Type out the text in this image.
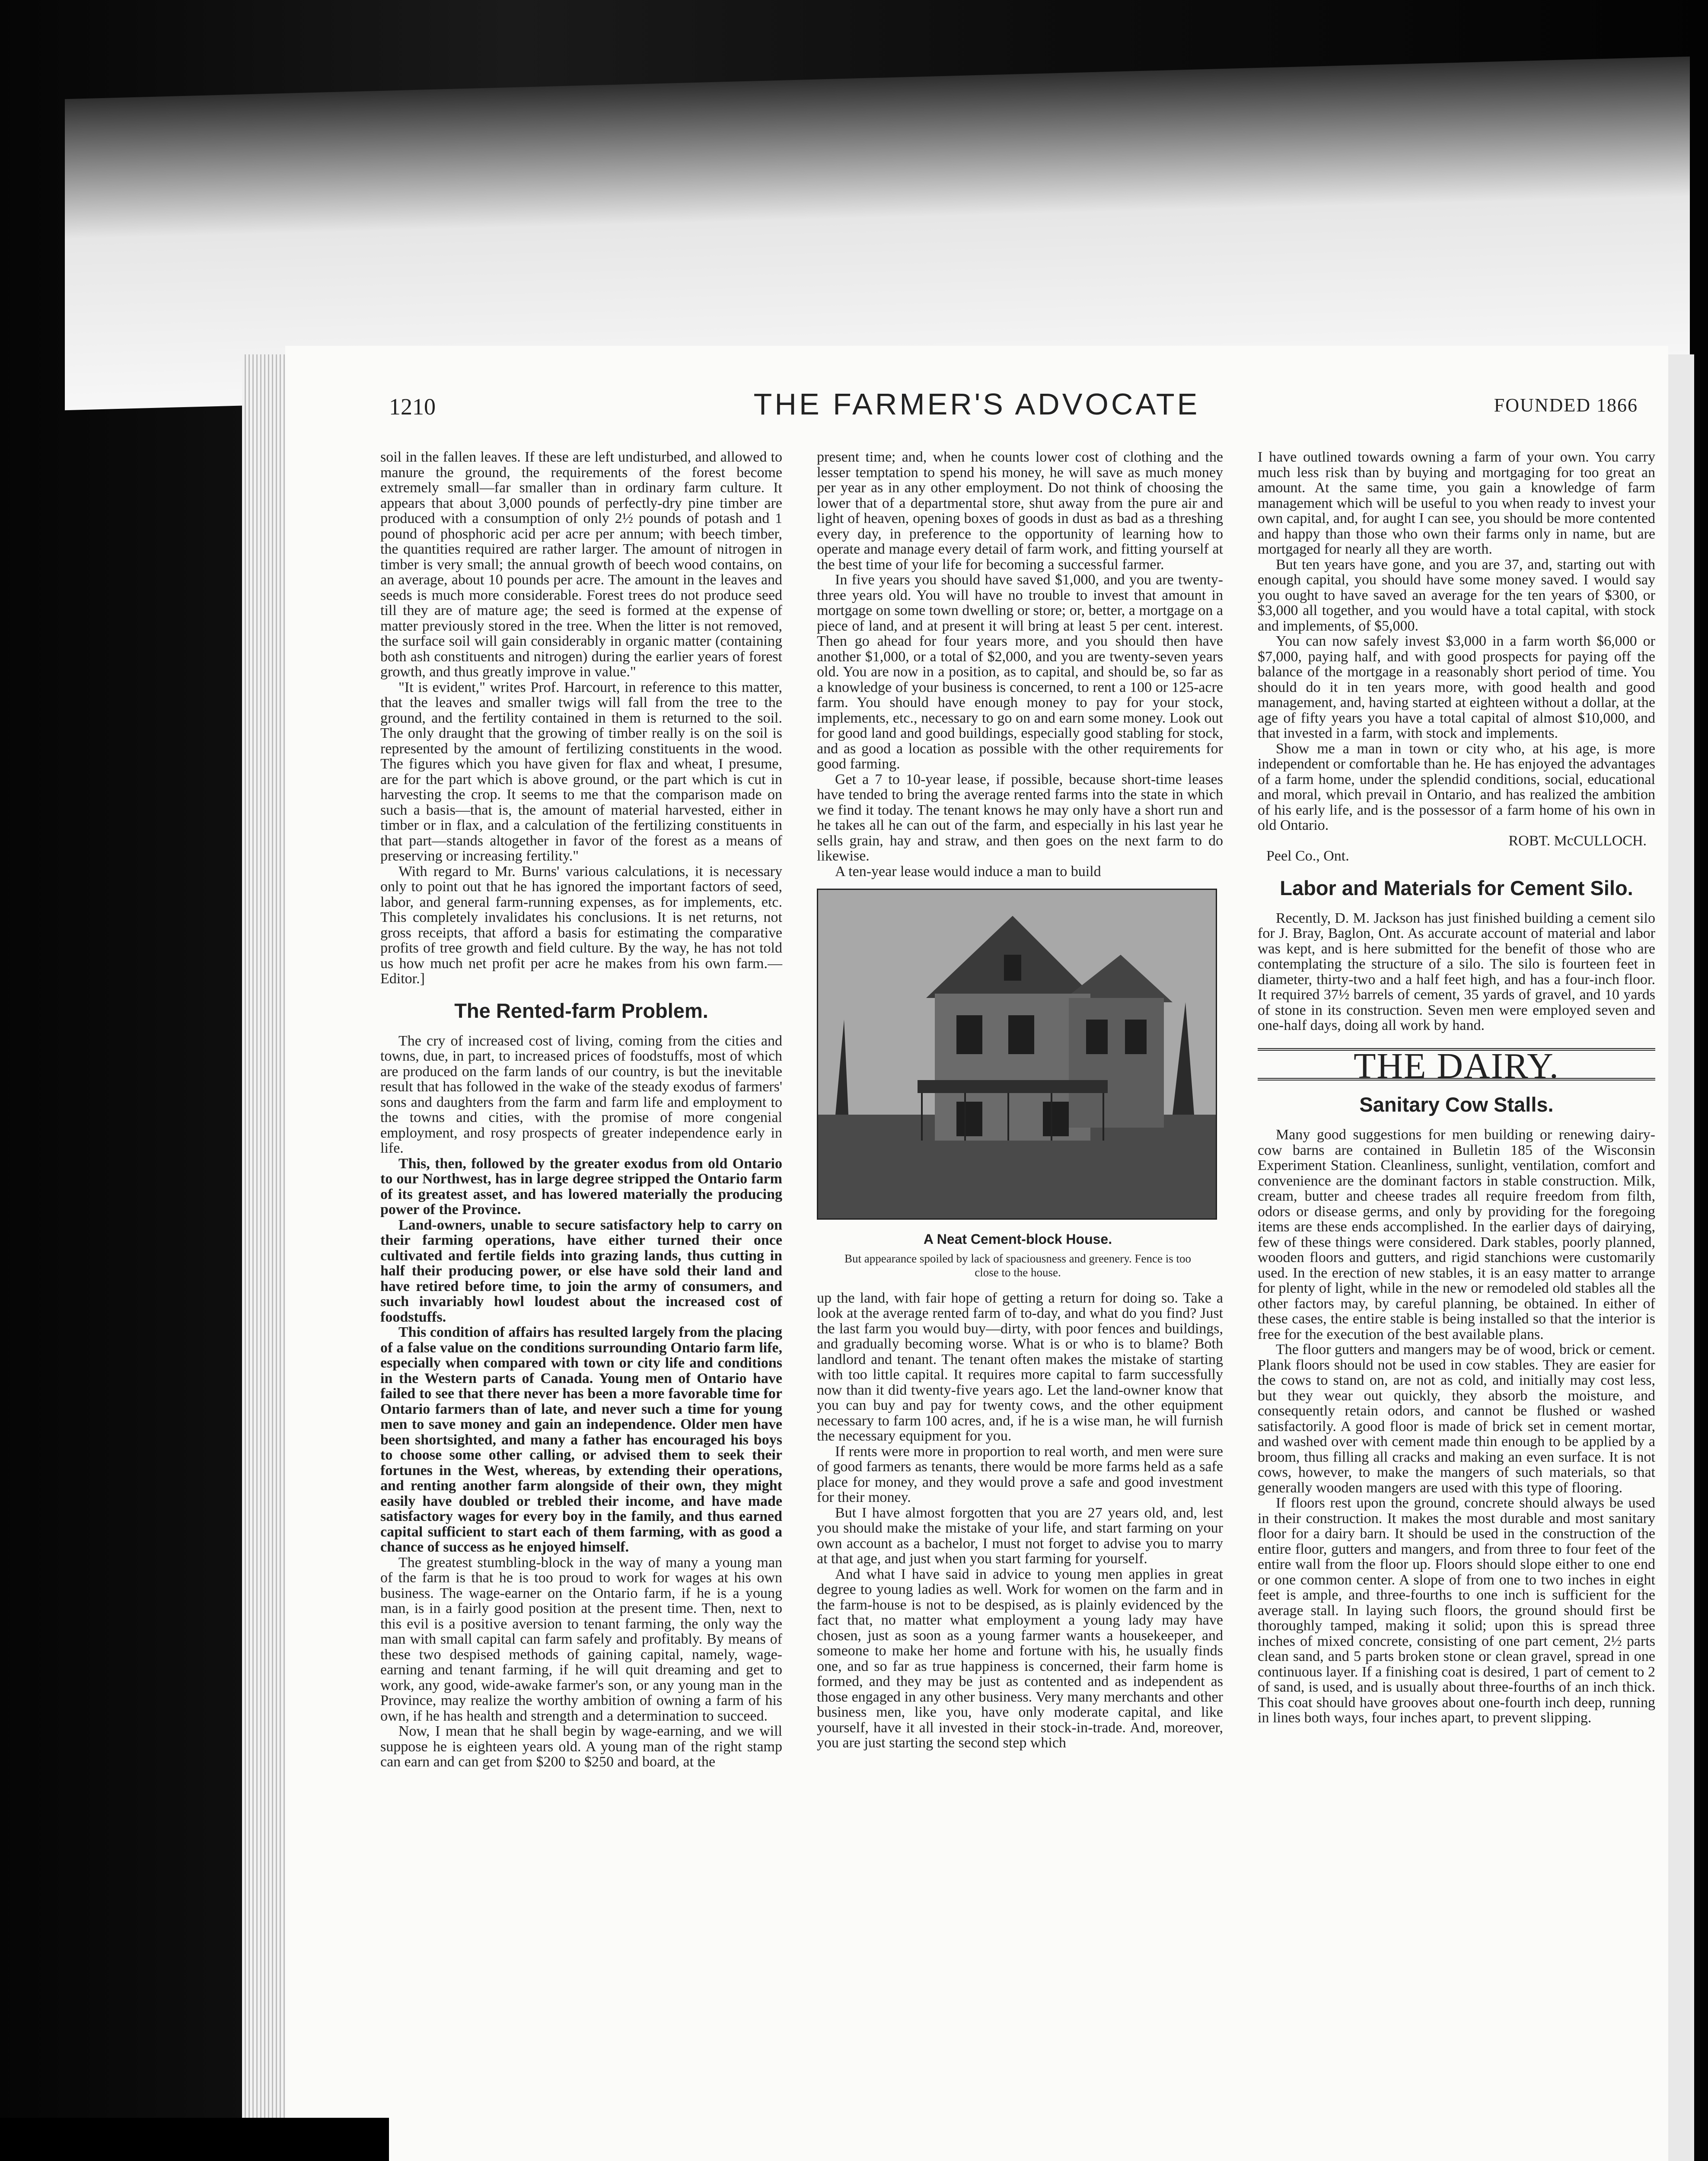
1210	THE FARMER'S ADVOCATE	FOUNDED 1866

soil in the fallen leaves. If these are left undisturbed, and allowed to manure the ground, the requirements of the forest become extremely small—far smaller than in ordinary farm culture. It appears that about 3,000 pounds of perfectly-dry pine timber are produced with a consumption of only 2½ pounds of potash and 1 pound of phosphoric acid per acre per annum; with beech timber, the quantities required are rather larger. The amount of nitrogen in timber is very small; the annual growth of beech wood contains, on an average, about 10 pounds per acre. The amount in the leaves and seeds is much more considerable. Forest trees do not produce seed till they are of mature age; the seed is formed at the expense of matter previously stored in the tree. When the litter is not removed, the surface soil will gain considerably in organic matter (containing both ash constituents and nitrogen) during the earlier years of forest growth, and thus greatly improve in value."

"It is evident," writes Prof. Harcourt, in reference to this matter, that the leaves and smaller twigs will fall from the tree to the ground, and the fertility contained in them is returned to the soil. The only draught that the growing of timber really is on the soil is represented by the amount of fertilizing constituents in the wood. The figures which you have given for flax and wheat, I presume, are for the part which is above ground, or the part which is cut in harvesting the crop. It seems to me that the comparison made on such a basis—that is, the amount of material harvested, either in timber or in flax, and a calculation of the fertilizing constituents in that part—stands altogether in favor of the forest as a means of preserving or increasing fertility."

With regard to Mr. Burns' various calculations, it is necessary only to point out that he has ignored the important factors of seed, labor, and general farm-running expenses, as for implements, etc. This completely invalidates his conclusions. It is net returns, not gross receipts, that afford a basis for estimating the comparative profits of tree growth and field culture. By the way, he has not told us how much net profit per acre he makes from his own farm.—Editor.]

The Rented-farm Problem.

The cry of increased cost of living, coming from the cities and towns, due, in part, to increased prices of foodstuffs, most of which are produced on the farm lands of our country, is but the inevitable result that has followed in the wake of the steady exodus of farmers' sons and daughters from the farm and farm life and employment to the towns and cities, with the promise of more congenial employment, and rosy prospects of greater independence early in life.

This, then, followed by the greater exodus from old Ontario to our Northwest, has in large degree stripped the Ontario farm of its greatest asset, and has lowered materially the producing power of the Province.

Land-owners, unable to secure satisfactory help to carry on their farming operations, have either turned their once cultivated and fertile fields into grazing lands, thus cutting in half their producing power, or else have sold their land and have retired before time, to join the army of consumers, and such invariably howl loudest about the increased cost of foodstuffs.

This condition of affairs has resulted largely from the placing of a false value on the conditions surrounding Ontario farm life, especially when compared with town or city life and conditions in the Western parts of Canada. Young men of Ontario have failed to see that there never has been a more favorable time for Ontario farmers than of late, and never such a time for young men to save money and gain an independence. Older men have been shortsighted, and many a father has encouraged his boys to choose some other calling, or advised them to seek their fortunes in the West, whereas, by extending their operations, and renting another farm alongside of their own, they might easily have doubled or trebled their income, and have made satisfactory wages for every boy in the family, and thus earned capital sufficient to start each of them farming, with as good a chance of success as he enjoyed himself.

The greatest stumbling-block in the way of many a young man of the farm is that he is too proud to work for wages at his own business. The wage-earner on the Ontario farm, if he is a young man, is in a fairly good position at the present time. Then, next to this evil is a positive aversion to tenant farming, the only way the man with small capital can farm safely and profitably. By means of these two despised methods of gaining capital, namely, wage-earning and tenant farming, if he will quit dreaming and get to work, any good, wide-awake farmer's son, or any young man in the Province, may realize the worthy ambition of owning a farm of his own, if he has health and strength and a determination to succeed.

Now, I mean that he shall begin by wage-earning, and we will suppose he is eighteen years old. A young man of the right stamp can earn and can get from $200 to $250 and board, at the

present time; and, when he counts lower cost of clothing and the lesser temptation to spend his money, he will save as much money per year as in any other employment. Do not think of choosing the lower that of a departmental store, shut away from the pure air and light of heaven, opening boxes of goods in dust as bad as a threshing every day, in preference to the opportunity of learning how to operate and manage every detail of farm work, and fitting yourself at the best time of your life for becoming a successful farmer.

In five years you should have saved $1,000, and you are twenty-three years old. You will have no trouble to invest that amount in mortgage on some town dwelling or store; or, better, a mortgage on a piece of land, and at present it will bring at least 5 per cent. interest. Then go ahead for four years more, and you should then have another $1,000, or a total of $2,000, and you are twenty-seven years old. You are now in a position, as to capital, and should be, so far as a knowledge of your business is concerned, to rent a 100 or 125-acre farm. You should have enough money to pay for your stock, implements, etc., necessary to go on and earn some money. Look out for good land and good buildings, especially good stabling for stock, and as good a location as possible with the other requirements for good farming.

Get a 7 to 10-year lease, if possible, because short-time leases have tended to bring the average rented farms into the state in which we find it today. The tenant knows he may only have a short run and he takes all he can out of the farm, and especially in his last year he sells grain, hay and straw, and then goes on the next farm to do likewise.

A ten-year lease would induce a man to build

A Neat Cement-block House.
But appearance spoiled by lack of spaciousness and greenery. Fence is too close to the house.

up the land, with fair hope of getting a return for doing so. Take a look at the average rented farm of to-day, and what do you find? Just the last farm you would buy—dirty, with poor fences and buildings, and gradually becoming worse. What is or who is to blame? Both landlord and tenant. The tenant often makes the mistake of starting with too little capital. It requires more capital to farm successfully now than it did twenty-five years ago. Let the land-owner know that you can buy and pay for twenty cows, and the other equipment necessary to farm 100 acres, and, if he is a wise man, he will furnish the necessary equipment for you.

If rents were more in proportion to real worth, and men were sure of good farmers as tenants, there would be more farms held as a safe place for money, and they would prove a safe and good investment for their money.

But I have almost forgotten that you are 27 years old, and, lest you should make the mistake of your life, and start farming on your own account as a bachelor, I must not forget to advise you to marry at that age, and just when you start farming for yourself.

And what I have said in advice to young men applies in great degree to young ladies as well. Work for women on the farm and in the farm-house is not to be despised, as is plainly evidenced by the fact that, no matter what employment a young lady may have chosen, just as soon as a young farmer wants a housekeeper, and someone to make her home and fortune with his, he usually finds one, and so far as true happiness is concerned, their farm home is formed, and they may be just as contented and as independent as those engaged in any other business. Very many merchants and other business men, like you, have only moderate capital, and like yourself, have it all invested in their stock-in-trade. And, moreover, you are just starting the second step which

I have outlined towards owning a farm of your own. You carry much less risk than by buying and mortgaging for too great an amount. At the same time, you gain a knowledge of farm management which will be useful to you when ready to invest your own capital, and, for aught I can see, you should be more contented and happy than those who own their farms only in name, but are mortgaged for nearly all they are worth.

But ten years have gone, and you are 37, and, starting out with enough capital, you should have some money saved. I would say you ought to have saved an average for the ten years of $300, or $3,000 all together, and you would have a total capital, with stock and implements, of $5,000.

You can now safely invest $3,000 in a farm worth $6,000 or $7,000, paying half, and with good prospects for paying off the balance of the mortgage in a reasonably short period of time. You should do it in ten years more, with good health and good management, and, having started at eighteen without a dollar, at the age of fifty years you have a total capital of almost $10,000, and that invested in a farm, with stock and implements.

Show me a man in town or city who, at his age, is more independent or comfortable than he. He has enjoyed the advantages of a farm home, under the splendid conditions, social, educational and moral, which prevail in Ontario, and has realized the ambition of his early life, and is the possessor of a farm home of his own in old Ontario.

ROBT. McCULLOCH.

Peel Co., Ont.

Labor and Materials for Cement Silo.

Recently, D. M. Jackson has just finished building a cement silo for J. Bray, Baglon, Ont. As accurate account of material and labor was kept, and is here submitted for the benefit of those who are contemplating the structure of a silo. The silo is fourteen feet in diameter, thirty-two and a half feet high, and has a four-inch floor. It required 37½ barrels of cement, 35 yards of gravel, and 10 yards of stone in its construction. Seven men were employed seven and one-half days, doing all work by hand.

THE DAIRY.
Sanitary Cow Stalls.

Many good suggestions for men building or renewing dairy-cow barns are contained in Bulletin 185 of the Wisconsin Experiment Station. Cleanliness, sunlight, ventilation, comfort and convenience are the dominant factors in stable construction. Milk, cream, butter and cheese trades all require freedom from filth, odors or disease germs, and only by providing for the foregoing items are these ends accomplished. In the earlier days of dairying, few of these things were considered. Dark stables, poorly planned, wooden floors and gutters, and rigid stanchions were customarily used. In the erection of new stables, it is an easy matter to arrange for plenty of light, while in the new or remodeled old stables all the other factors may, by careful planning, be obtained. In either of these cases, the entire stable is being installed so that the interior is free for the execution of the best available plans.

The floor gutters and mangers may be of wood, brick or cement. Plank floors should not be used in cow stables. They are easier for the cows to stand on, are not as cold, and initially may cost less, but they wear out quickly, they absorb the moisture, and consequently retain odors, and cannot be flushed or washed satisfactorily. A good floor is made of brick set in cement mortar, and washed over with cement made thin enough to be applied by a broom, thus filling all cracks and making an even surface. It is not cows, however, to make the mangers of such materials, so that generally wooden mangers are used with this type of flooring.

If floors rest upon the ground, concrete should always be used in their construction. It makes the most durable and most sanitary floor for a dairy barn. It should be used in the construction of the entire floor, gutters and mangers, and from three to four feet of the entire wall from the floor up. Floors should slope either to one end or one common center. A slope of from one to two inches in eight feet is ample, and three-fourths to one inch is sufficient for the average stall. In laying such floors, the ground should first be thoroughly tamped, making it solid; upon this is spread three inches of mixed concrete, consisting of one part cement, 2½ parts clean sand, and 5 parts broken stone or clean gravel, spread in one continuous layer. If a finishing coat is desired, 1 part of cement to 2 of sand, is used, and is usually about three-fourths of an inch thick. This coat should have grooves about one-fourth inch deep, running in lines both ways, four inches apart, to prevent slipping.
